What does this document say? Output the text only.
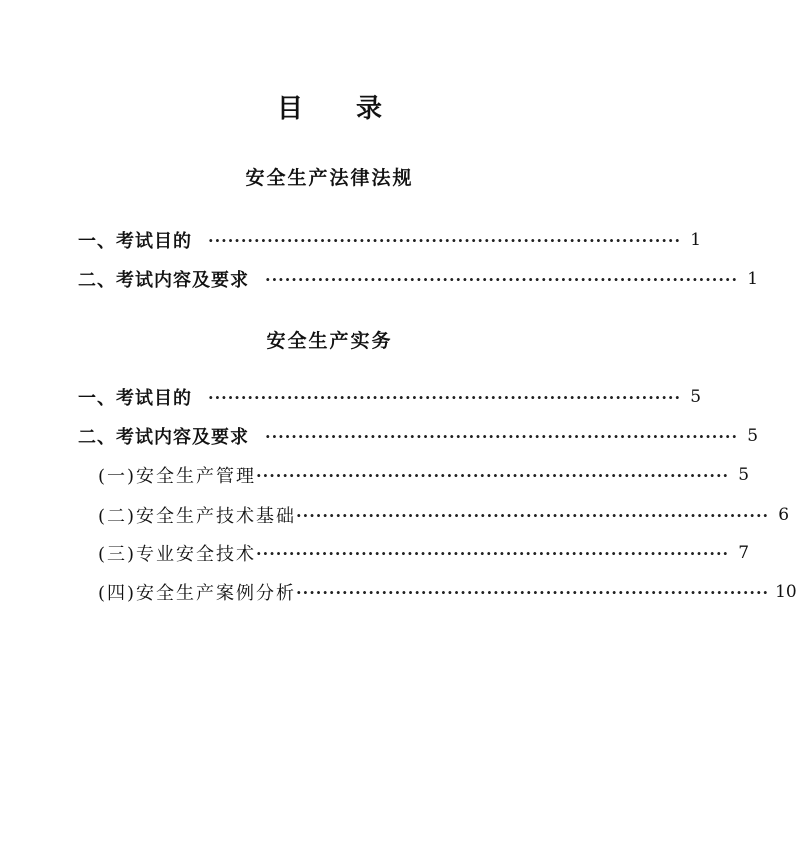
目 录
安全生产法律法规
一、考试目的 ········································································ 1
二、考试内容及要求 ········································································ 1
安全生产实务
一、考试目的 ········································································ 5
二、考试内容及要求 ········································································ 5
(一)安全生产管理 ········································································ 5
(二)安全生产技术基础 ········································································ 6
(三)专业安全技术 ········································································ 7
(四)安全生产案例分析 ········································································ 10
